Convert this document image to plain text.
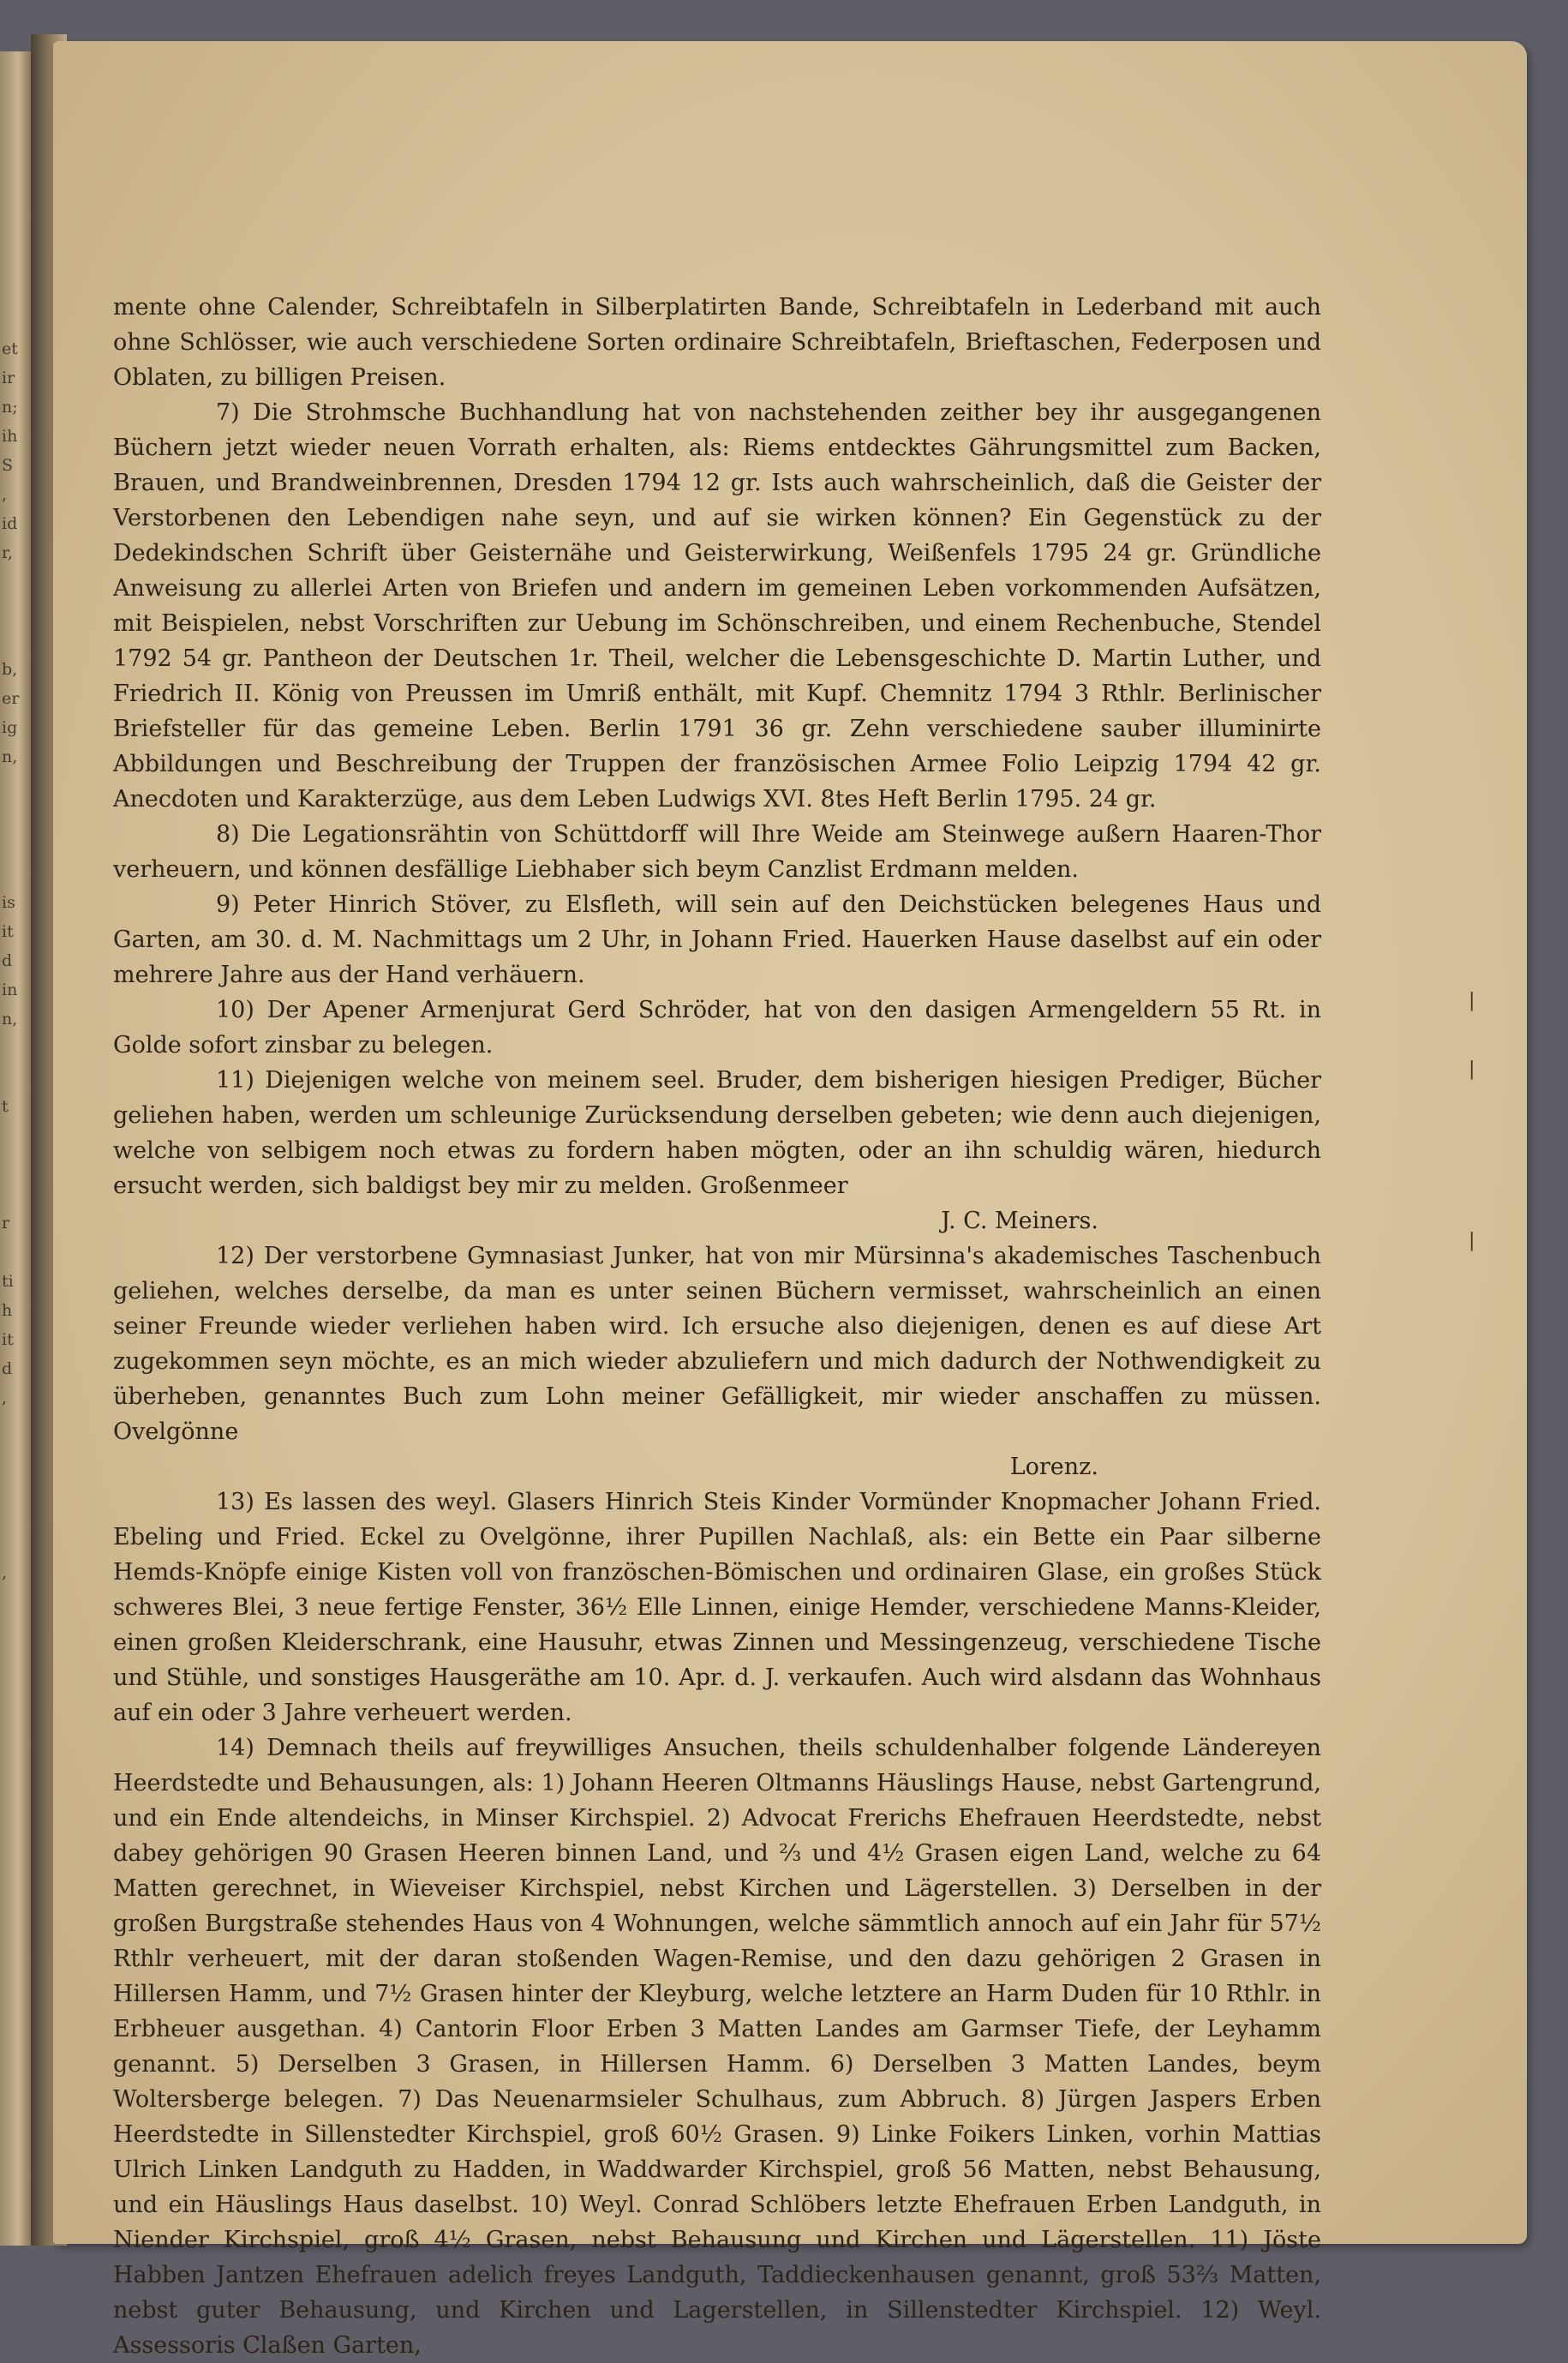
et
ir
n;
ih
S
,
id
r,

b,
er
ig
n,

is
it
d
in
n,

t

r

ti
h
it
d
,

,

mente ohne Calender, Schreibtafeln in Silberplatirten Bande, Schreibtafeln in Lederband mit auch ohne Schlösser, wie auch verschiedene Sorten ordinaire Schreibtafeln, Brieftaschen, Federposen und Oblaten, zu billigen Preisen.

7) Die Strohmsche Buchhandlung hat von nachstehenden zeither bey ihr ausgegangenen Büchern jetzt wieder neuen Vorrath erhalten, als: Riems entdecktes Gährungsmittel zum Backen, Brauen, und Brandweinbrennen, Dresden 1794 12 gr. Ists auch wahrscheinlich, daß die Geister der Verstorbenen den Lebendigen nahe seyn, und auf sie wirken können? Ein Gegenstück zu der Dedekindschen Schrift über Geisternähe und Geisterwirkung, Weißenfels 1795 24 gr. Gründliche Anweisung zu allerlei Arten von Briefen und andern im gemeinen Leben vorkommenden Aufsätzen, mit Beispielen, nebst Vorschriften zur Uebung im Schönschreiben, und einem Rechenbuche, Stendel 1792 54 gr. Pantheon der Deutschen 1r. Theil, welcher die Lebensgeschichte D. Martin Luther, und Friedrich II. König von Preussen im Umriß enthält, mit Kupf. Chemnitz 1794 3 Rthlr. Berlinischer Briefsteller für das gemeine Leben. Berlin 1791 36 gr. Zehn verschiedene sauber illuminirte Abbildungen und Beschreibung der Truppen der französischen Armee Folio Leipzig 1794 42 gr. Anecdoten und Karakterzüge, aus dem Leben Ludwigs XVI. 8tes Heft Berlin 1795. 24 gr.

8) Die Legationsrähtin von Schüttdorff will Ihre Weide am Steinwege außern Haaren-Thor verheuern, und können desfällige Liebhaber sich beym Canzlist Erdmann melden.

9) Peter Hinrich Stöver, zu Elsfleth, will sein auf den Deichstücken belegenes Haus und Garten, am 30. d. M. Nachmittags um 2 Uhr, in Johann Fried. Hauerken Hause daselbst auf ein oder mehrere Jahre aus der Hand verhäuern.

10) Der Apener Armenjurat Gerd Schröder, hat von den dasigen Armengeldern 55 Rt. in Golde sofort zinsbar zu belegen.

11) Diejenigen welche von meinem seel. Bruder, dem bisherigen hiesigen Prediger, Bücher geliehen haben, werden um schleunige Zurücksendung derselben gebeten; wie denn auch diejenigen, welche von selbigem noch etwas zu fordern haben mögten, oder an ihn schuldig wären, hiedurch ersucht werden, sich baldigst bey mir zu melden. Großenmeer

J. C. Meiners.

12) Der verstorbene Gymnasiast Junker, hat von mir Mürsinna's akademisches Taschenbuch geliehen, welches derselbe, da man es unter seinen Büchern vermisset, wahrscheinlich an einen seiner Freunde wieder verliehen haben wird. Ich ersuche also diejenigen, denen es auf diese Art zugekommen seyn möchte, es an mich wieder abzuliefern und mich dadurch der Nothwendigkeit zu überheben, genanntes Buch zum Lohn meiner Gefälligkeit, mir wieder anschaffen zu müssen. Ovelgönne

Lorenz.

13) Es lassen des weyl. Glasers Hinrich Steis Kinder Vormünder Knopmacher Johann Fried. Ebeling und Fried. Eckel zu Ovelgönne, ihrer Pupillen Nachlaß, als: ein Bette ein Paar silberne Hemds-Knöpfe einige Kisten voll von französchen-Bömischen und ordinairen Glase, ein großes Stück schweres Blei, 3 neue fertige Fenster, 36½ Elle Linnen, einige Hemder, verschiedene Manns-Kleider, einen großen Kleiderschrank, eine Hausuhr, etwas Zinnen und Messingenzeug, verschiedene Tische und Stühle, und sonstiges Hausgeräthe am 10. Apr. d. J. verkaufen. Auch wird alsdann das Wohnhaus auf ein oder 3 Jahre verheuert werden.

14) Demnach theils auf freywilliges Ansuchen, theils schuldenhalber folgende Ländereyen Heerdstedte und Behausungen, als: 1) Johann Heeren Oltmanns Häuslings Hause, nebst Gartengrund, und ein Ende altendeichs, in Minser Kirchspiel. 2) Advocat Frerichs Ehefrauen Heerdstedte, nebst dabey gehörigen 90 Grasen Heeren binnen Land, und ⅔ und 4½ Grasen eigen Land, welche zu 64 Matten gerechnet, in Wieveiser Kirchspiel, nebst Kirchen und Lägerstellen. 3) Derselben in der großen Burgstraße stehendes Haus von 4 Wohnungen, welche sämmtlich annoch auf ein Jahr für 57½ Rthlr verheuert, mit der daran stoßenden Wagen-Remise, und den dazu gehörigen 2 Grasen in Hillersen Hamm, und 7½ Grasen hinter der Kleyburg, welche letztere an Harm Duden für 10 Rthlr. in Erbheuer ausgethan. 4) Cantorin Floor Erben 3 Matten Landes am Garmser Tiefe, der Leyhamm genannt. 5) Derselben 3 Grasen, in Hillersen Hamm. 6) Derselben 3 Matten Landes, beym Woltersberge belegen. 7) Das Neuenarmsieler Schulhaus, zum Abbruch. 8) Jürgen Jaspers Erben Heerdstedte in Sillenstedter Kirchspiel, groß 60½ Grasen. 9) Linke Foikers Linken, vorhin Mattias Ulrich Linken Landguth zu Hadden, in Waddwarder Kirchspiel, groß 56 Matten, nebst Behausung, und ein Häuslings Haus daselbst. 10) Weyl. Conrad Schlöbers letzte Ehefrauen Erben Landguth, in Niender Kirchspiel, groß 4½ Grasen, nebst Behausung und Kirchen und Lägerstellen. 11) Jöste Habben Jantzen Ehefrauen adelich freyes Landguth, Taddieckenhausen genannt, groß 53⅔ Matten, nebst guter Behausung, und Kirchen und Lagerstellen, in Sillenstedter Kirchspiel. 12) Weyl. Assessoris Claßen Garten,

|

|

|
